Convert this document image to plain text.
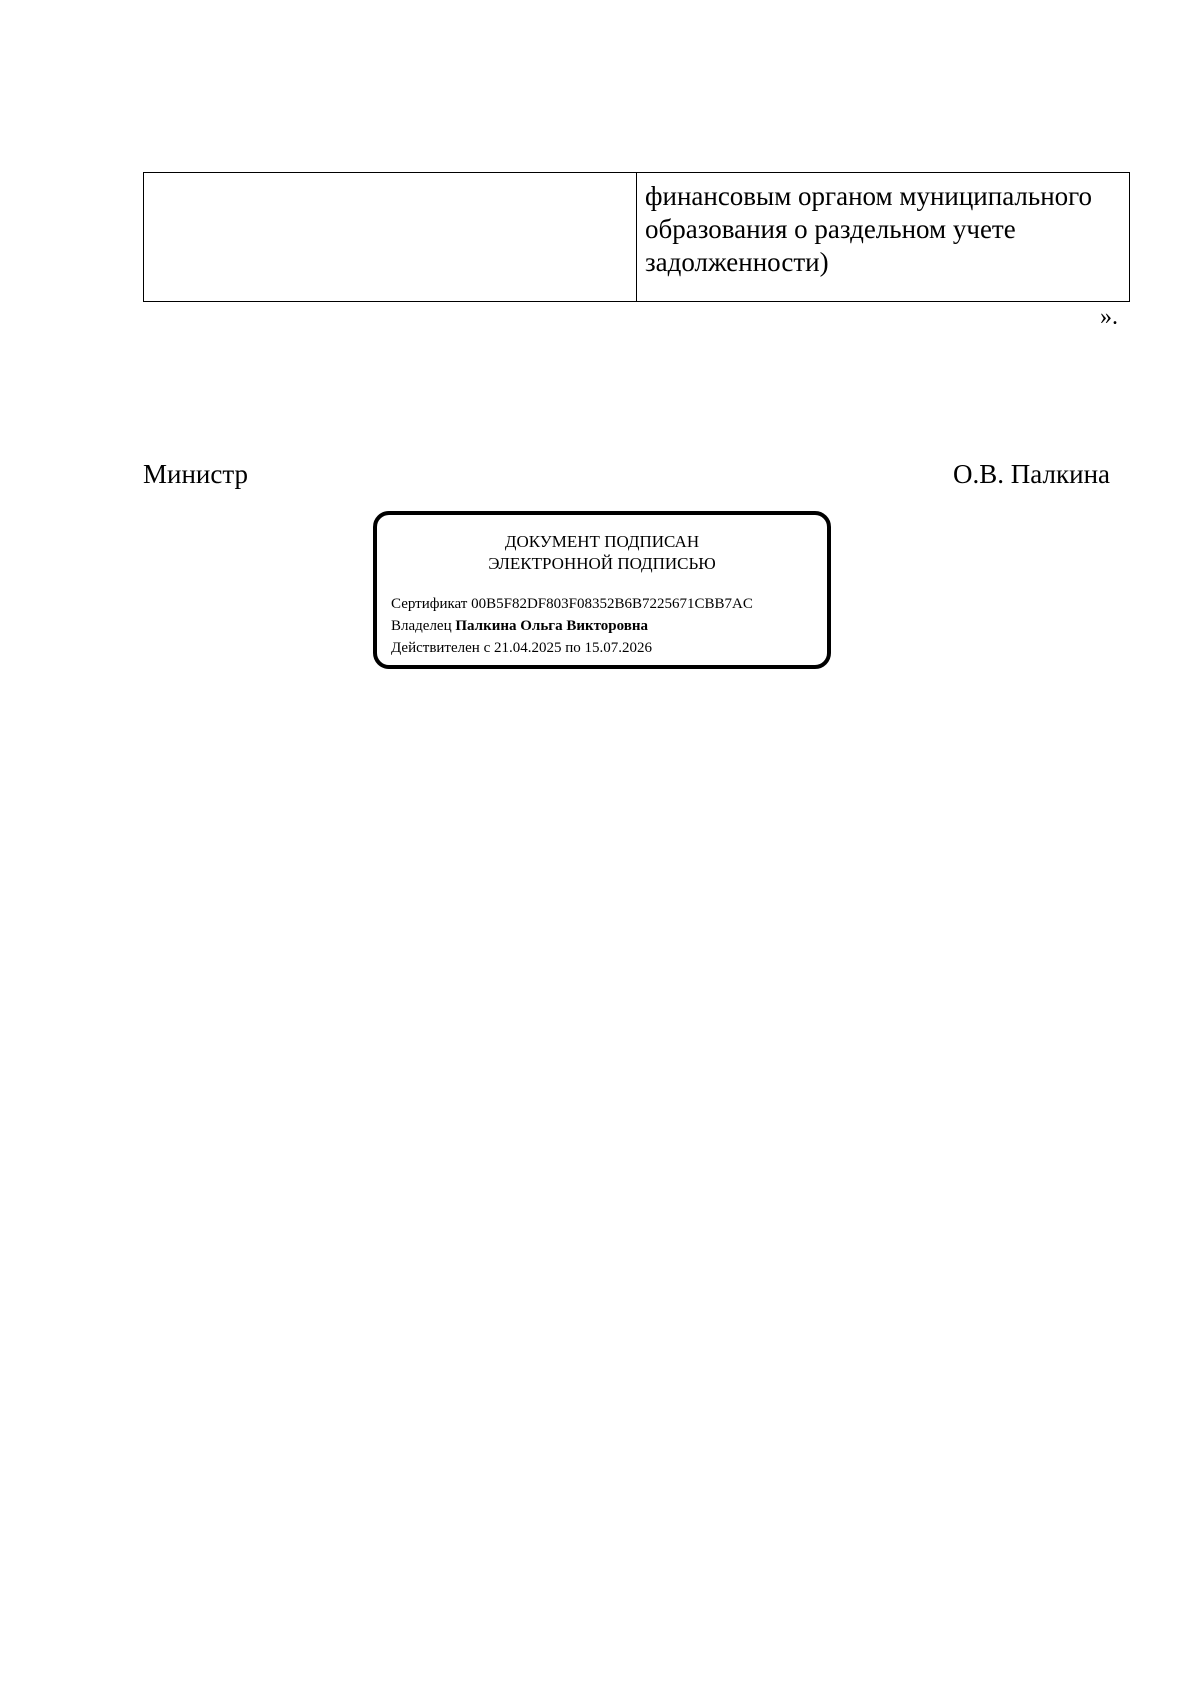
финансовым органом муниципального
образования о раздельном учете
задолженности)
».
Министр	О.В. Палкина
ДОКУМЕНТ ПОДПИСАН
ЭЛЕКТРОННОЙ ПОДПИСЬЮ
Сертификат 00B5F82DF803F08352B6B7225671CBB7AC
Владелец Палкина Ольга Викторовна
Действителен с 21.04.2025 по 15.07.2026
